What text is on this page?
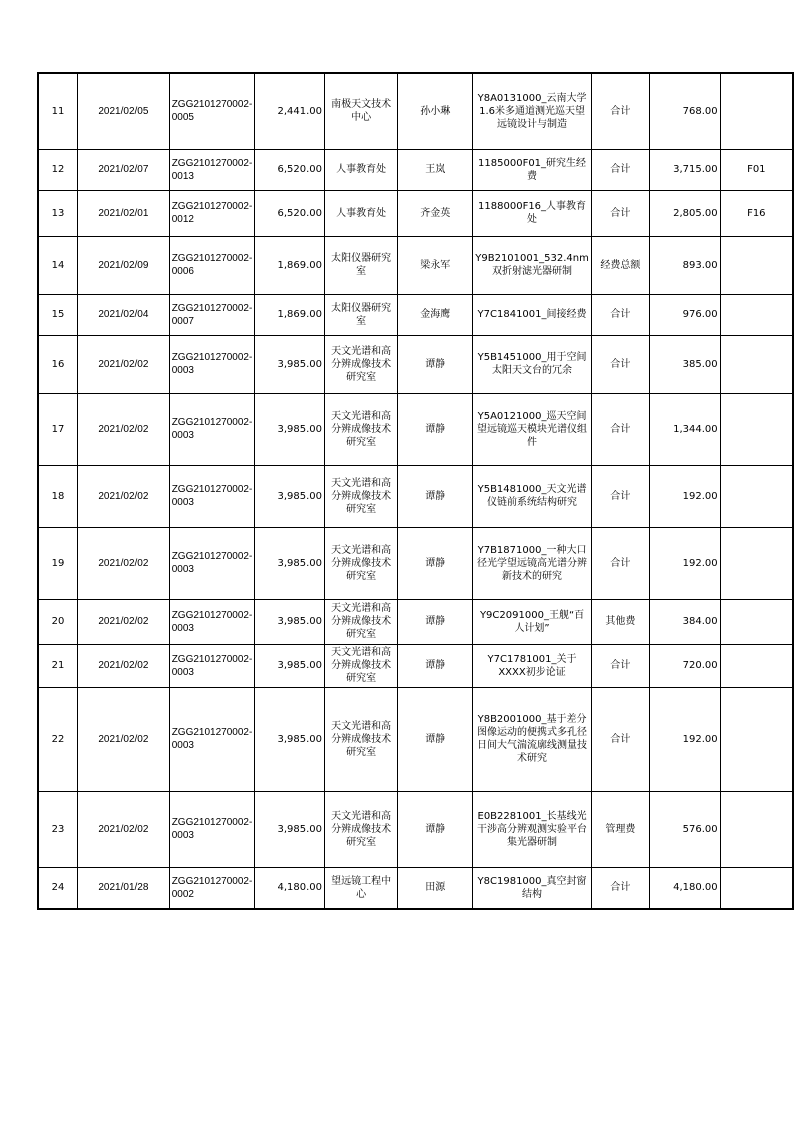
11	2021/02/05	ZGG2101270002-0005	2,441.00	南极天文技术中心	孙小琳	Y8A0131000_云南大学1.6米多通道测光巡天望远镜设计与制造	合计	768.00	
12	2021/02/07	ZGG2101270002-0013	6,520.00	人事教育处	王岚	1185000F01_研究生经费	合计	3,715.00	F01
13	2021/02/01	ZGG2101270002-0012	6,520.00	人事教育处	齐金英	1188000F16_人事教育处	合计	2,805.00	F16
14	2021/02/09	ZGG2101270002-0006	1,869.00	太阳仪器研究室	梁永军	Y9B2101001_532.4nm双折射滤光器研制	经费总额	893.00	
15	2021/02/04	ZGG2101270002-0007	1,869.00	太阳仪器研究室	金海鹰	Y7C1841001_间接经费	合计	976.00	
16	2021/02/02	ZGG2101270002-0003	3,985.00	天文光谱和高分辨成像技术研究室	谭静	Y5B1451000_用于空间太阳天文台的冗余	合计	385.00	
17	2021/02/02	ZGG2101270002-0003	3,985.00	天文光谱和高分辨成像技术研究室	谭静	Y5A0121000_巡天空间望远镜巡天模块光谱仪组件	合计	1,344.00	
18	2021/02/02	ZGG2101270002-0003	3,985.00	天文光谱和高分辨成像技术研究室	谭静	Y5B1481000_天文光谱仪链前系统结构研究	合计	192.00	
19	2021/02/02	ZGG2101270002-0003	3,985.00	天文光谱和高分辨成像技术研究室	谭静	Y7B1871000_一种大口径光学望远镜高光谱分辨新技术的研究	合计	192.00	
20	2021/02/02	ZGG2101270002-0003	3,985.00	天文光谱和高分辨成像技术研究室	谭静	Y9C2091000_王舰“百人计划”	其他费	384.00	
21	2021/02/02	ZGG2101270002-0003	3,985.00	天文光谱和高分辨成像技术研究室	谭静	Y7C1781001_关于XXXX初步论证	合计	720.00	
22	2021/02/02	ZGG2101270002-0003	3,985.00	天文光谱和高分辨成像技术研究室	谭静	Y8B2001000_基于差分图像运动的便携式多孔径日间大气湍流廓线测量技术研究	合计	192.00	
23	2021/02/02	ZGG2101270002-0003	3,985.00	天文光谱和高分辨成像技术研究室	谭静	E0B2281001_长基线光干涉高分辨观测实验平台集光器研制	管理费	576.00	
24	2021/01/28	ZGG2101270002-0002	4,180.00	望远镜工程中心	田源	Y8C1981000_真空封窗结构	合计	4,180.00	
